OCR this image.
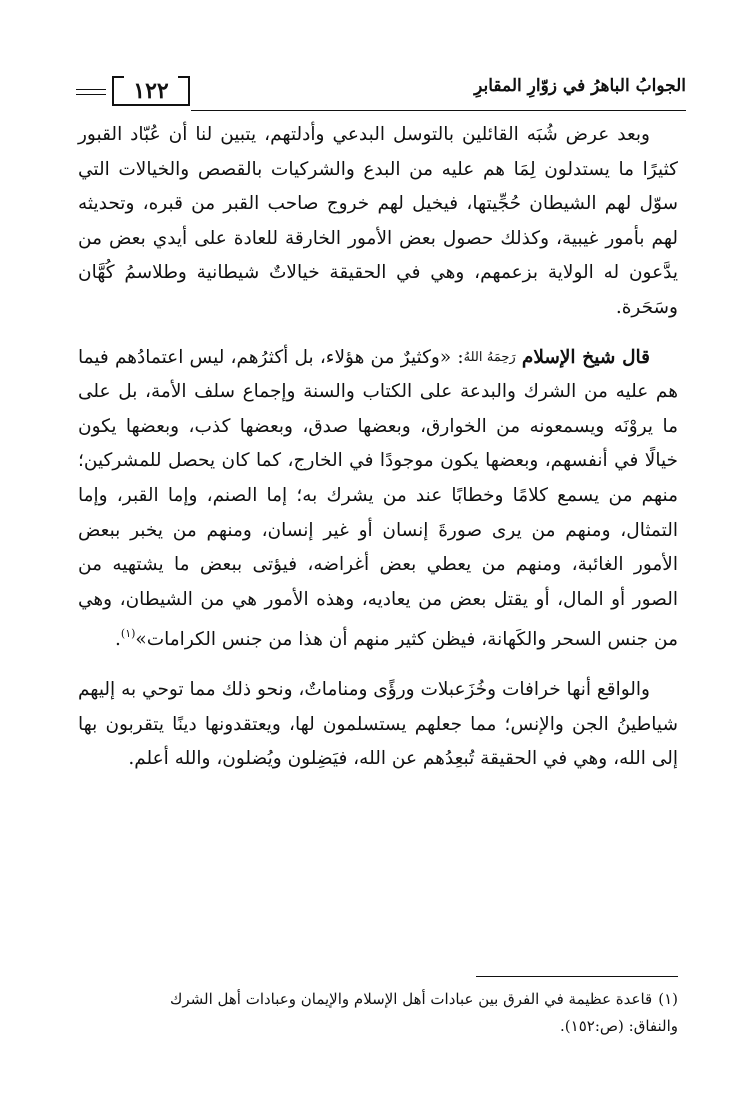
الجوابُ الباهرُ في زوّارِ المقابرِ
١٢٢

وبعد عرض شُبَه القائلين بالتوسل البدعي وأدلتهم، يتبين لنا أن عُبّاد القبور كثيرًا ما يستدلون لِمَا هم عليه من البدع والشركيات بالقصص والخيالات التي سوّل لهم الشيطان حُجِّيتها، فيخيل لهم خروج صاحب القبر من قبره، وتحديثه لهم بأمور غيبية، وكذلك حصول بعض الأمور الخارقة للعادة على أيدي بعض من يدَّعون له الولاية بزعمهم، وهي في الحقيقة خيالاتٌ شيطانية وطلاسمُ كُهَّان وسَحَرة.

قال شيخ الإسلام رَحِمَهُ اللهُ: «وكثيرٌ من هؤلاء، بل أكثرُهم، ليس اعتمادُهم فيما هم عليه من الشرك والبدعة على الكتاب والسنة وإجماع سلف الأمة، بل على ما يروْنَه ويسمعونه من الخوارق، وبعضها صدق، وبعضها كذب، وبعضها يكون خيالًا في أنفسهم، وبعضها يكون موجودًا في الخارج، كما كان يحصل للمشركين؛ منهم من يسمع كلامًا وخطابًا عند من يشرك به؛ إما الصنم، وإما القبر، وإما التمثال، ومنهم من يرى صورةَ إنسان أو غير إنسان، ومنهم من يخبر ببعض الأمور الغائبة، ومنهم من يعطي بعض أغراضه، فيؤتى ببعض ما يشتهيه من الصور أو المال، أو يقتل بعض من يعاديه، وهذه الأمور هي من الشيطان، وهي من جنس السحر والكَهانة، فيظن كثير منهم أن هذا من جنس الكرامات»$^{(١)}$.

والواقع أنها خرافات وخُزَعبلات ورؤًى ومناماتٌ، ونحو ذلك مما توحي به إليهم شياطينُ الجن والإنس؛ مما جعلهم يستسلمون لها، ويعتقدونها دينًا يتقربون بها إلى الله، وهي في الحقيقة تُبعِدُهم عن الله، فيَضِلون ويُضلون، والله أعلم.

(١)قاعدة عظيمة في الفرق بين عبادات أهل الإسلام والإيمان وعبادات أهل الشرك

والنفاق: (ص:١٥٢).
